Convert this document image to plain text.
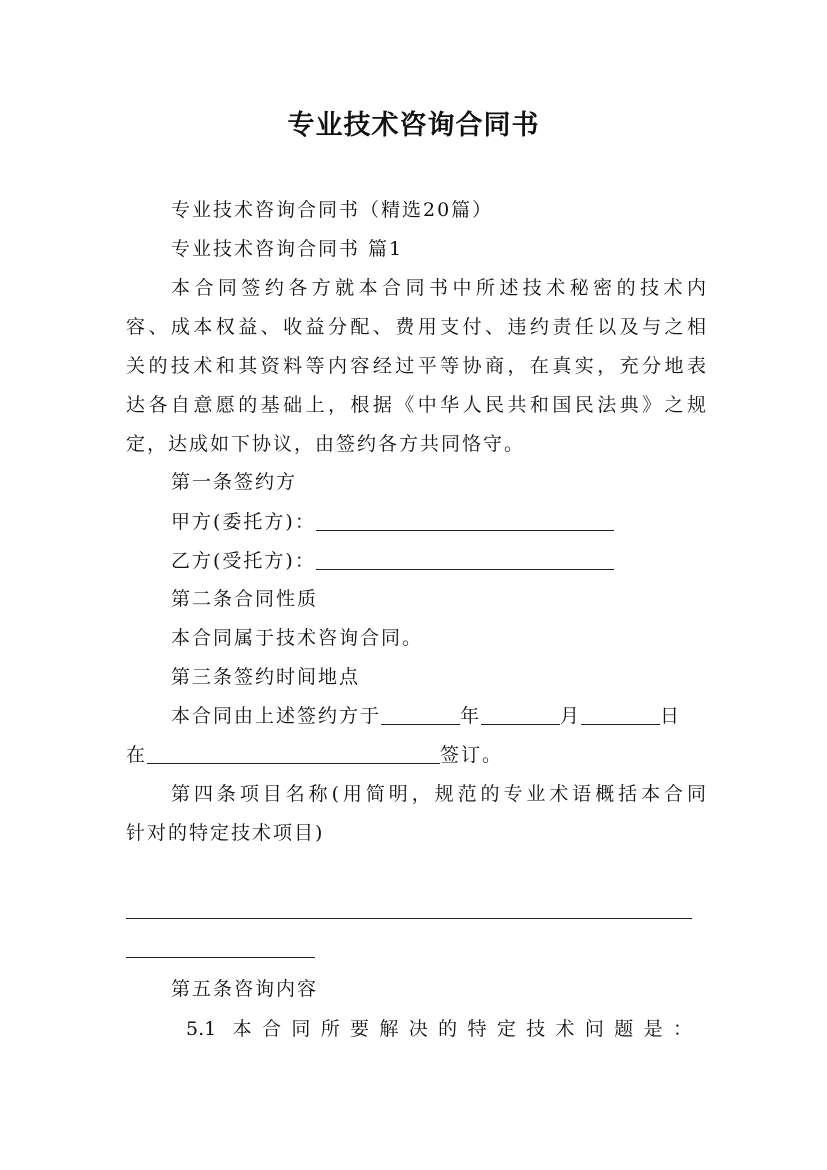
专业技术咨询合同书
专业技术咨询合同书（精选20篇）
专业技术咨询合同书 篇1
本合同签约各方就本合同书中所述技术秘密的技术内
容、成本权益、收益分配、费用支付、违约责任以及与之相
关的技术和其资料等内容经过平等协商，在真实，充分地表
达各自意愿的基础上，根据《中华人民共和国民法典》之规
定，达成如下协议，由签约各方共同恪守。
第一条签约方
甲方(委托方)：
乙方(受托方)：
第二条合同性质
本合同属于技术咨询合同。
第三条签约时间地点
本合同由上述签约方于	年	月	日
在	签订。
第四条项目名称(用简明，规范的专业术语概括本合同
针对的特定技术项目)
第五条咨询内容
5.1 本合同所要解决的特定技术问题是：
